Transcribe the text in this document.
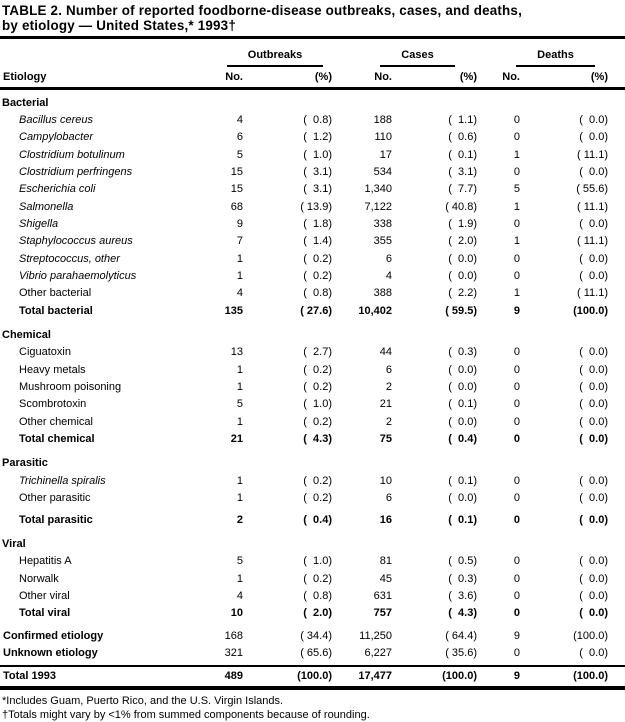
TABLE 2. Number of reported foodborne-disease outbreaks, cases, and deaths,
by etiology — United States,* 1993†
Outbreaks	Cases	Deaths
Etiology	No.	(%)	No.	(%)	No.	(%)
Bacterial
Bacillus cereus	4	(  0.8)	188	(  1.1)	0	(  0.0)
Campylobacter	6	(  1.2)	110	(  0.6)	0	(  0.0)
Clostridium botulinum	5	(  1.0)	17	(  0.1)	1	( 11.1)
Clostridium perfringens	15	(  3.1)	534	(  3.1)	0	(  0.0)
Escherichia coli	15	(  3.1)	1,340	(  7.7)	5	( 55.6)
Salmonella	68	( 13.9)	7,122	( 40.8)	1	( 11.1)
Shigella	9	(  1.8)	338	(  1.9)	0	(  0.0)
Staphylococcus aureus	7	(  1.4)	355	(  2.0)	1	( 11.1)
Streptococcus, other	1	(  0.2)	6	(  0.0)	0	(  0.0)
Vibrio parahaemolyticus	1	(  0.2)	4	(  0.0)	0	(  0.0)
Other bacterial	4	(  0.8)	388	(  2.2)	1	( 11.1)
Total bacterial	135	( 27.6)	10,402	( 59.5)	9	(100.0)
Chemical
Ciguatoxin	13	(  2.7)	44	(  0.3)	0	(  0.0)
Heavy metals	1	(  0.2)	6	(  0.0)	0	(  0.0)
Mushroom poisoning	1	(  0.2)	2	(  0.0)	0	(  0.0)
Scombrotoxin	5	(  1.0)	21	(  0.1)	0	(  0.0)
Other chemical	1	(  0.2)	2	(  0.0)	0	(  0.0)
Total chemical	21	(  4.3)	75	(  0.4)	0	(  0.0)
Parasitic
Trichinella spiralis	1	(  0.2)	10	(  0.1)	0	(  0.0)
Other parasitic	1	(  0.2)	6	(  0.0)	0	(  0.0)
Total parasitic	2	(  0.4)	16	(  0.1)	0	(  0.0)
Viral
Hepatitis A	5	(  1.0)	81	(  0.5)	0	(  0.0)
Norwalk	1	(  0.2)	45	(  0.3)	0	(  0.0)
Other viral	4	(  0.8)	631	(  3.6)	0	(  0.0)
Total viral	10	(  2.0)	757	(  4.3)	0	(  0.0)
Confirmed etiology	168	( 34.4)	11,250	( 64.4)	9	(100.0)
Unknown etiology	321	( 65.6)	6,227	( 35.6)	0	(  0.0)
Total 1993	489	(100.0)	17,477	(100.0)	9	(100.0)
*Includes Guam, Puerto Rico, and the U.S. Virgin Islands.
†Totals might vary by <1% from summed components because of rounding.
